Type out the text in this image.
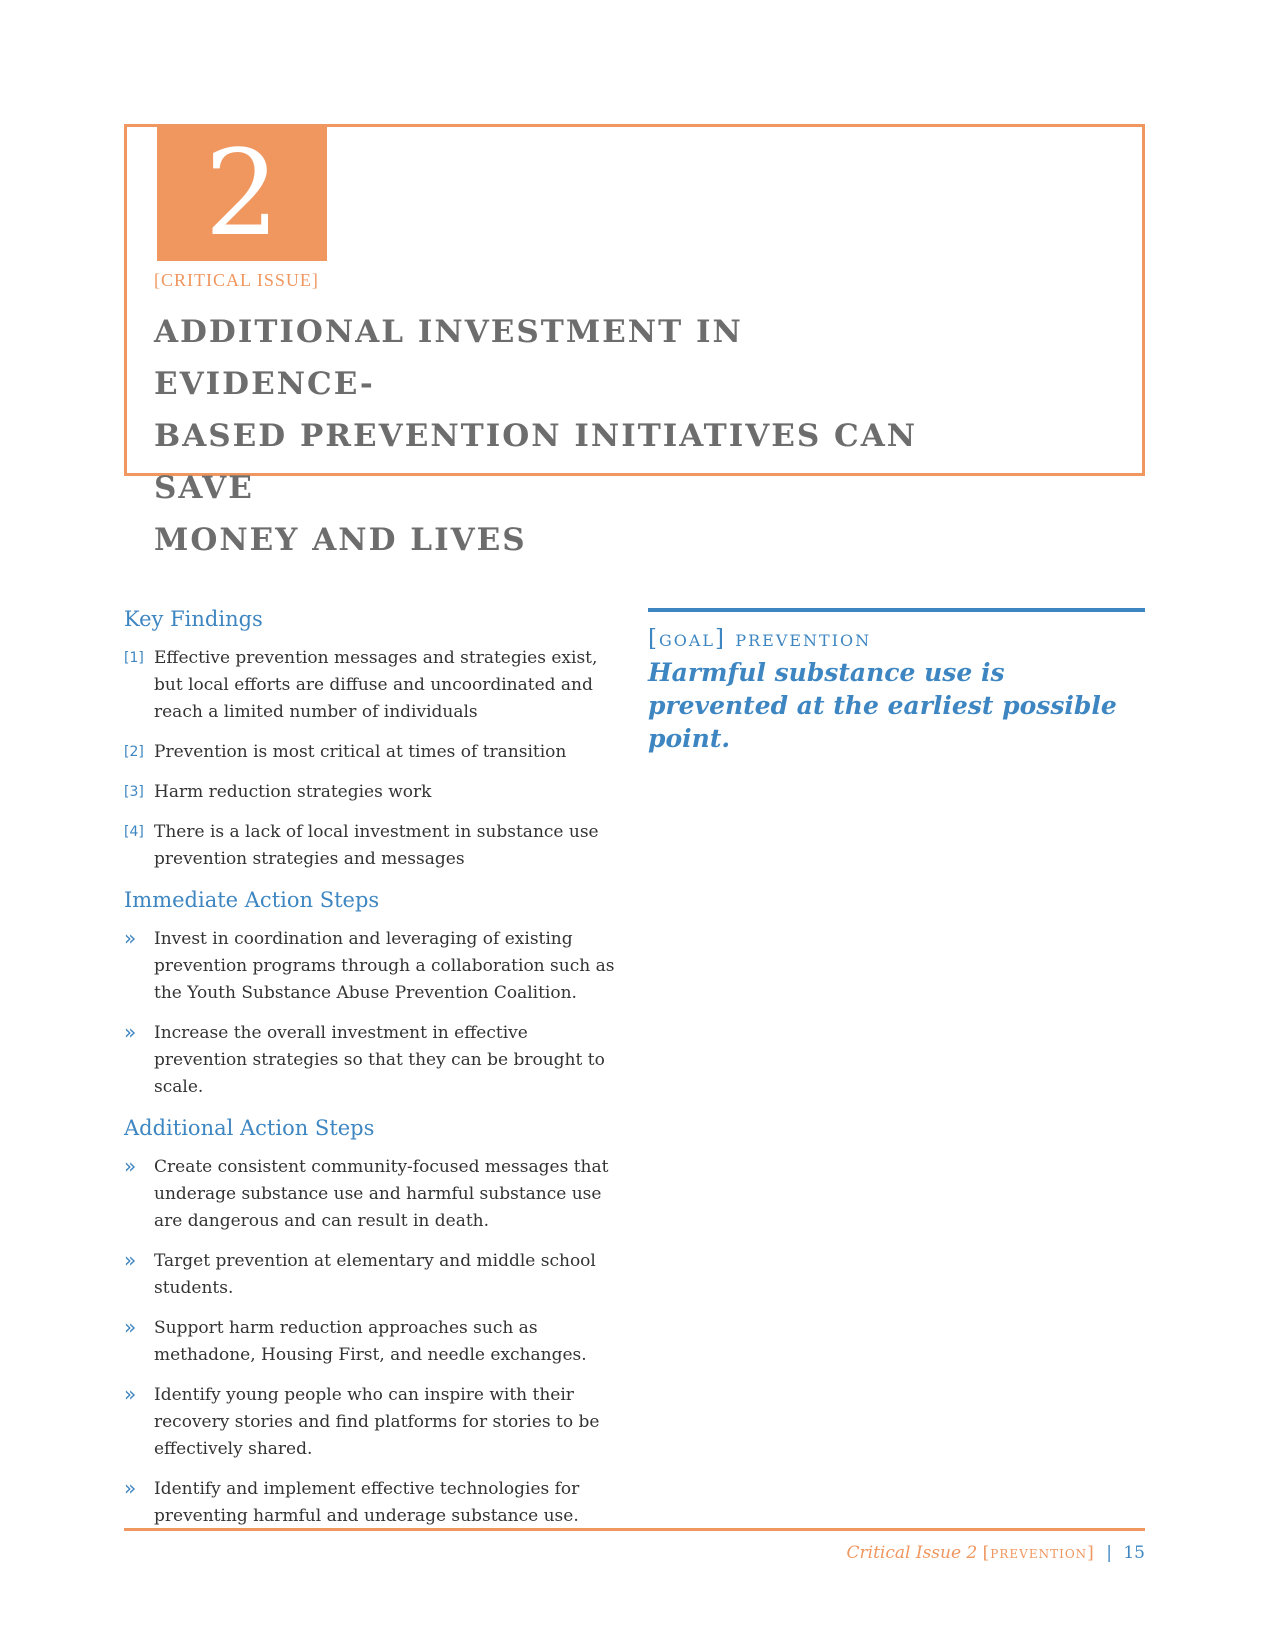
2
[CRITICAL ISSUE]
ADDITIONAL INVESTMENT IN EVIDENCE-
BASED PREVENTION INITIATIVES CAN SAVE
MONEY AND LIVES
Key Findings
[1] Effective prevention messages and strategies exist, but local efforts are diffuse and uncoordinated and reach a limited number of individuals
[2] Prevention is most critical at times of transition
[3] Harm reduction strategies work
[4] There is a lack of local investment in substance use prevention strategies and messages
Immediate Action Steps
» Invest in coordination and leveraging of existing prevention programs through a collaboration such as the Youth Substance Abuse Prevention Coalition.
» Increase the overall investment in effective prevention strategies so that they can be brought to scale.
Additional Action Steps
» Create consistent community-focused messages that underage substance use and harmful substance use are dangerous and can result in death.
» Target prevention at elementary and middle school students.
» Support harm reduction approaches such as methadone, Housing First, and needle exchanges.
» Identify young people who can inspire with their recovery stories and find platforms for stories to be effectively shared.
» Identify and implement effective technologies for preventing harmful and underage substance use.
[goal] prevention

Harmful substance use is prevented at the earliest possible point.

Critical Issue 2 [prevention] | 15
